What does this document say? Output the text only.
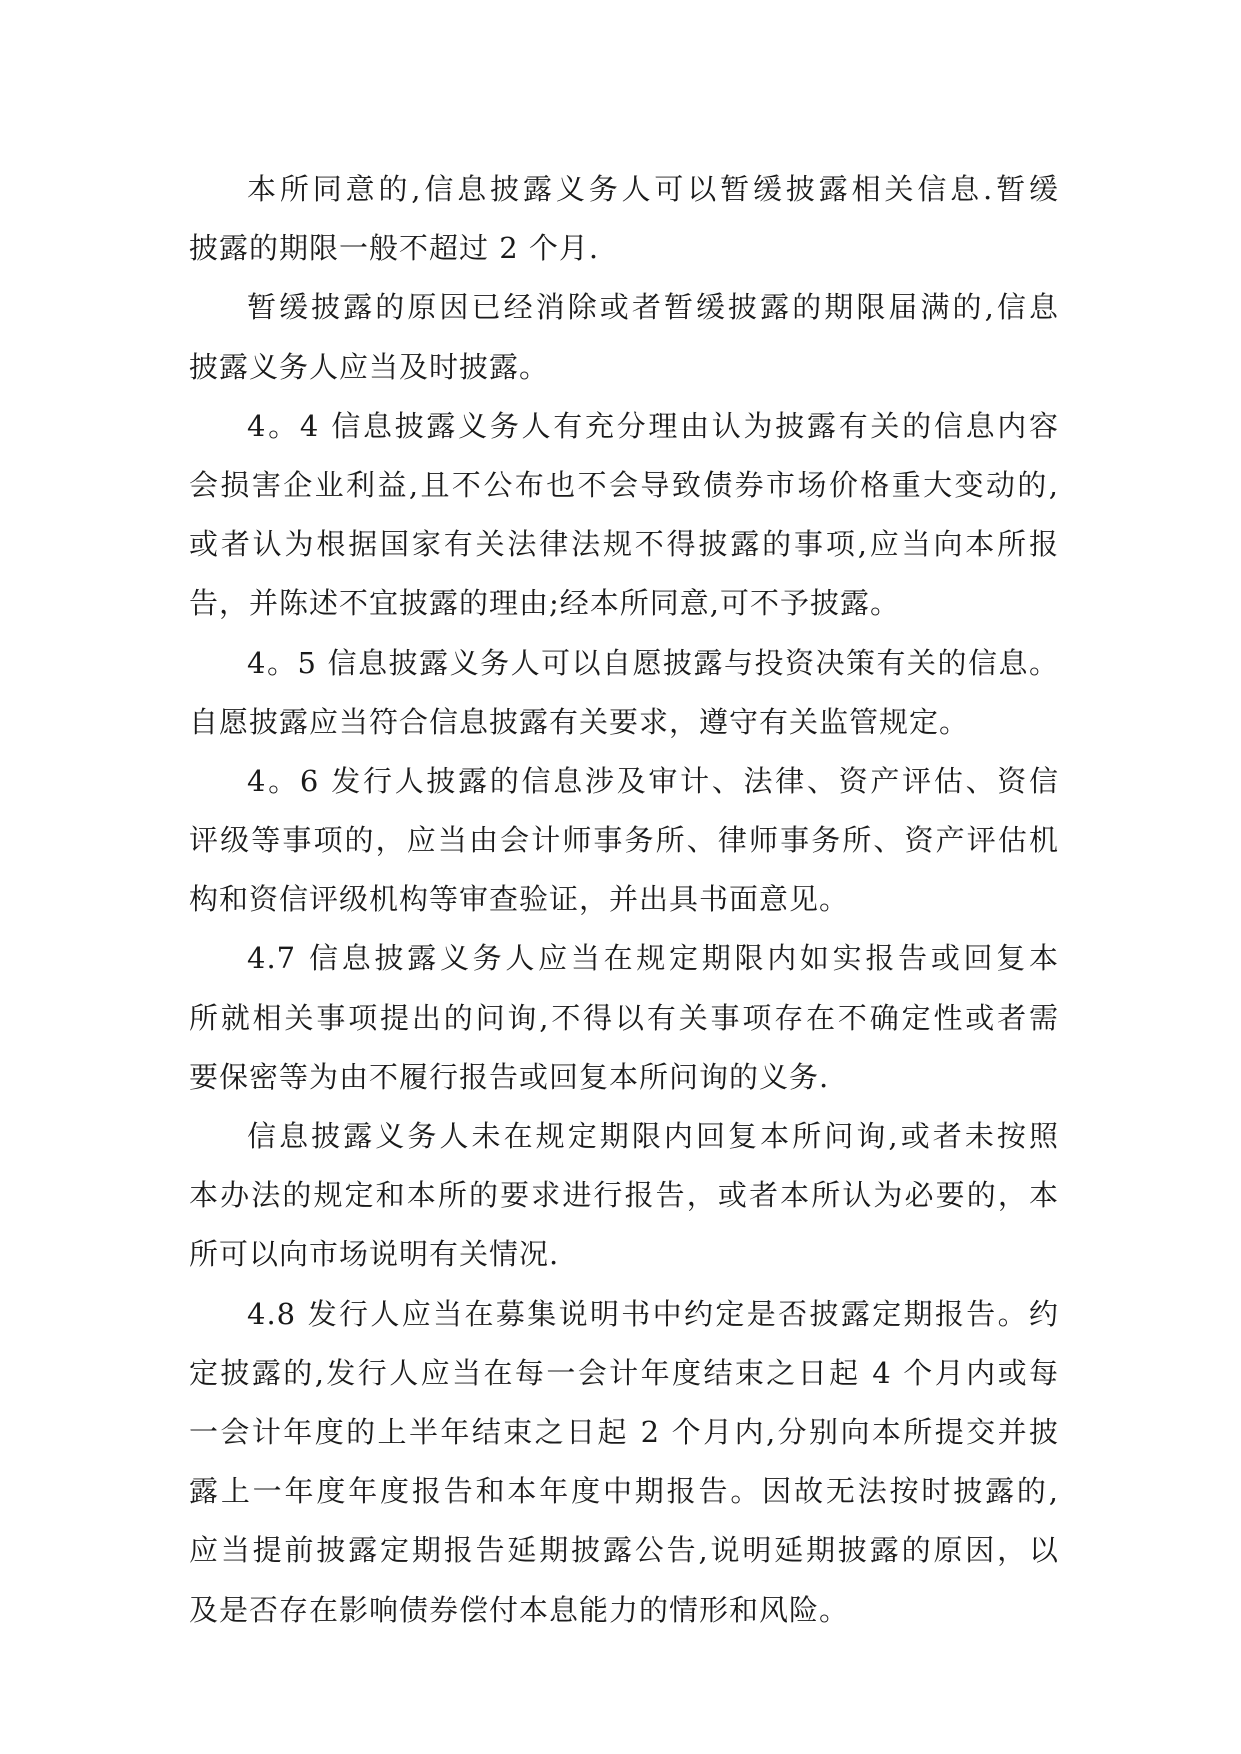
本所同意的,信息披露义务人可以暂缓披露相关信息.暂缓
披露的期限一般不超过 2 个月.
暂缓披露的原因已经消除或者暂缓披露的期限届满的,信息
披露义务人应当及时披露。
4。4 信息披露义务人有充分理由认为披露有关的信息内容
会损害企业利益,且不公布也不会导致债券市场价格重大变动的,
或者认为根据国家有关法律法规不得披露的事项,应当向本所报
告，并陈述不宜披露的理由;经本所同意,可不予披露。
4。5 信息披露义务人可以自愿披露与投资决策有关的信息。
自愿披露应当符合信息披露有关要求，遵守有关监管规定。
4。6 发行人披露的信息涉及审计、法律、资产评估、资信
评级等事项的，应当由会计师事务所、律师事务所、资产评估机
构和资信评级机构等审查验证，并出具书面意见。
4.7 信息披露义务人应当在规定期限内如实报告或回复本
所就相关事项提出的问询,不得以有关事项存在不确定性或者需
要保密等为由不履行报告或回复本所问询的义务.
信息披露义务人未在规定期限内回复本所问询,或者未按照
本办法的规定和本所的要求进行报告，或者本所认为必要的，本
所可以向市场说明有关情况.
4.8 发行人应当在募集说明书中约定是否披露定期报告。约
定披露的,发行人应当在每一会计年度结束之日起 4 个月内或每
一会计年度的上半年结束之日起 2 个月内,分别向本所提交并披
露上一年度年度报告和本年度中期报告。因故无法按时披露的,
应当提前披露定期报告延期披露公告,说明延期披露的原因，以
及是否存在影响债券偿付本息能力的情形和风险。
